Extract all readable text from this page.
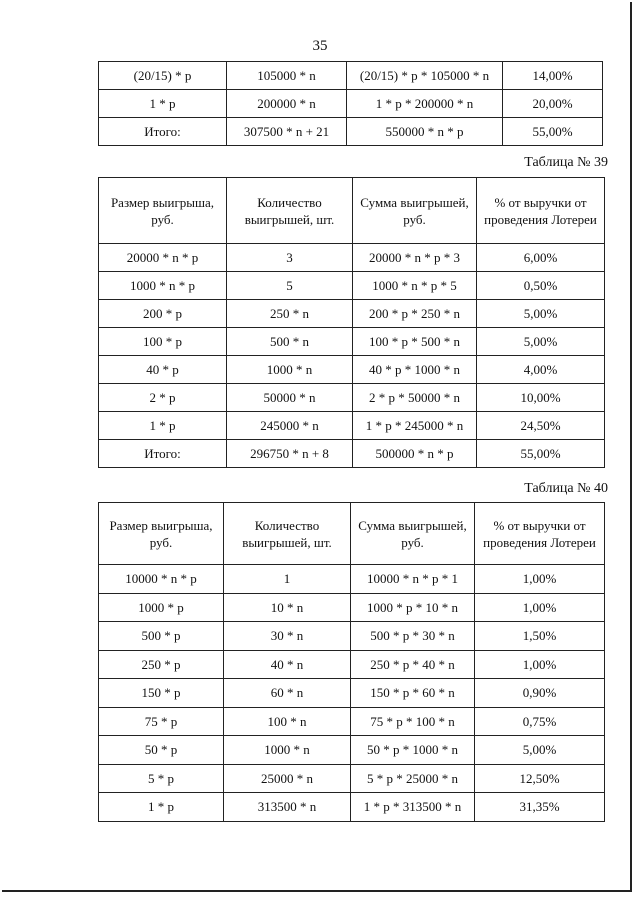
35
(20/15) * p	105000 * n	(20/15) * p * 105000 * n	14,00%
1 * p	200000 * n	1 * p * 200000 * n	20,00%
Итого:	307500 * n + 21	550000 * n * p	55,00%
Таблица № 39
Размер выигрыша, руб.	Количество выигрышей, шт.	Сумма выигрышей, руб.	% от выручки от проведения Лотереи
20000 * n * p	3	20000 * n * p * 3	6,00%
1000 * n * p	5	1000 * n * p * 5	0,50%
200 * p	250 * n	200 * p * 250 * n	5,00%
100 * p	500 * n	100 * p * 500 * n	5,00%
40 * p	1000 * n	40 * p * 1000 * n	4,00%
2 * p	50000 * n	2 * p * 50000 * n	10,00%
1 * p	245000 * n	1 * p * 245000 * n	24,50%
Итого:	296750 * n + 8	500000 * n * p	55,00%
Таблица № 40
Размер выигрыша, руб.	Количество выигрышей, шт.	Сумма выигрышей, руб.	% от выручки от проведения Лотереи
10000 * n * p	1	10000 * n * p * 1	1,00%
1000 * p	10 * n	1000 * p * 10 * n	1,00%
500 * p	30 * n	500 * p * 30 * n	1,50%
250 * p	40 * n	250 * p * 40 * n	1,00%
150 * p	60 * n	150 * p * 60 * n	0,90%
75 * p	100 * n	75 * p * 100 * n	0,75%
50 * p	1000 * n	50 * p * 1000 * n	5,00%
5 * p	25000 * n	5 * p * 25000 * n	12,50%
1 * p	313500 * n	1 * p * 313500 * n	31,35%
